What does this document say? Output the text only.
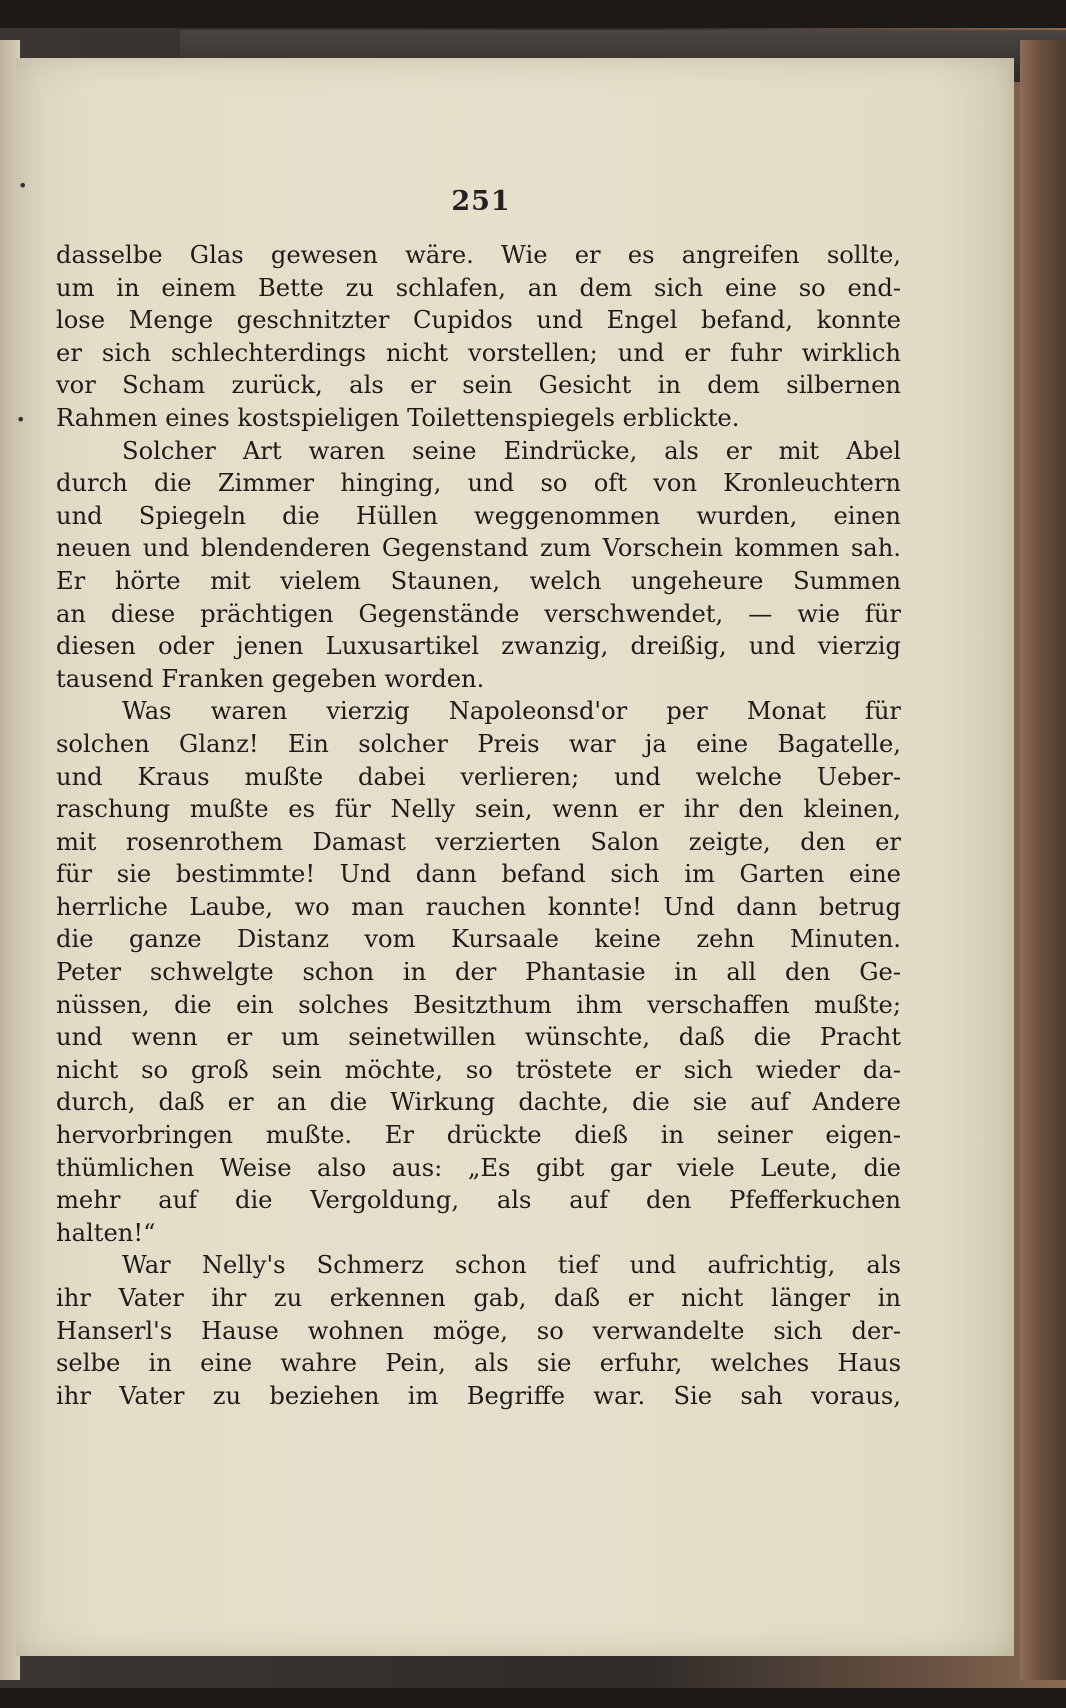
•
•
251
dasselbe Glas gewesen wäre. Wie er es angreifen sollte,
um in einem Bette zu schlafen, an dem sich eine so end-
lose Menge geschnitzter Cupidos und Engel befand, konnte
er sich schlechterdings nicht vorstellen; und er fuhr wirklich
vor Scham zurück, als er sein Gesicht in dem silbernen
Rahmen eines kostspieligen Toilettenspiegels erblickte.
Solcher Art waren seine Eindrücke, als er mit Abel
durch die Zimmer hinging, und so oft von Kronleuchtern
und Spiegeln die Hüllen weggenommen wurden, einen
neuen und blendenderen Gegenstand zum Vorschein kommen sah.
Er hörte mit vielem Staunen, welch ungeheure Summen
an diese prächtigen Gegenstände verschwendet, — wie für
diesen oder jenen Luxusartikel zwanzig, dreißig, und vierzig
tausend Franken gegeben worden.
Was waren vierzig Napoleonsd'or per Monat für
solchen Glanz! Ein solcher Preis war ja eine Bagatelle,
und Kraus mußte dabei verlieren; und welche Ueber-
raschung mußte es für Nelly sein, wenn er ihr den kleinen,
mit rosenrothem Damast verzierten Salon zeigte, den er
für sie bestimmte! Und dann befand sich im Garten eine
herrliche Laube, wo man rauchen konnte! Und dann betrug
die ganze Distanz vom Kursaale keine zehn Minuten.
Peter schwelgte schon in der Phantasie in all den Ge-
nüssen, die ein solches Besitzthum ihm verschaffen mußte;
und wenn er um seinetwillen wünschte, daß die Pracht
nicht so groß sein möchte, so tröstete er sich wieder da-
durch, daß er an die Wirkung dachte, die sie auf Andere
hervorbringen mußte. Er drückte dieß in seiner eigen-
thümlichen Weise also aus: „Es gibt gar viele Leute, die
mehr auf die Vergoldung, als auf den Pfefferkuchen
halten!“
War Nelly's Schmerz schon tief und aufrichtig, als
ihr Vater ihr zu erkennen gab, daß er nicht länger in
Hanserl's Hause wohnen möge, so verwandelte sich der-
selbe in eine wahre Pein, als sie erfuhr, welches Haus
ihr Vater zu beziehen im Begriffe war. Sie sah voraus,
